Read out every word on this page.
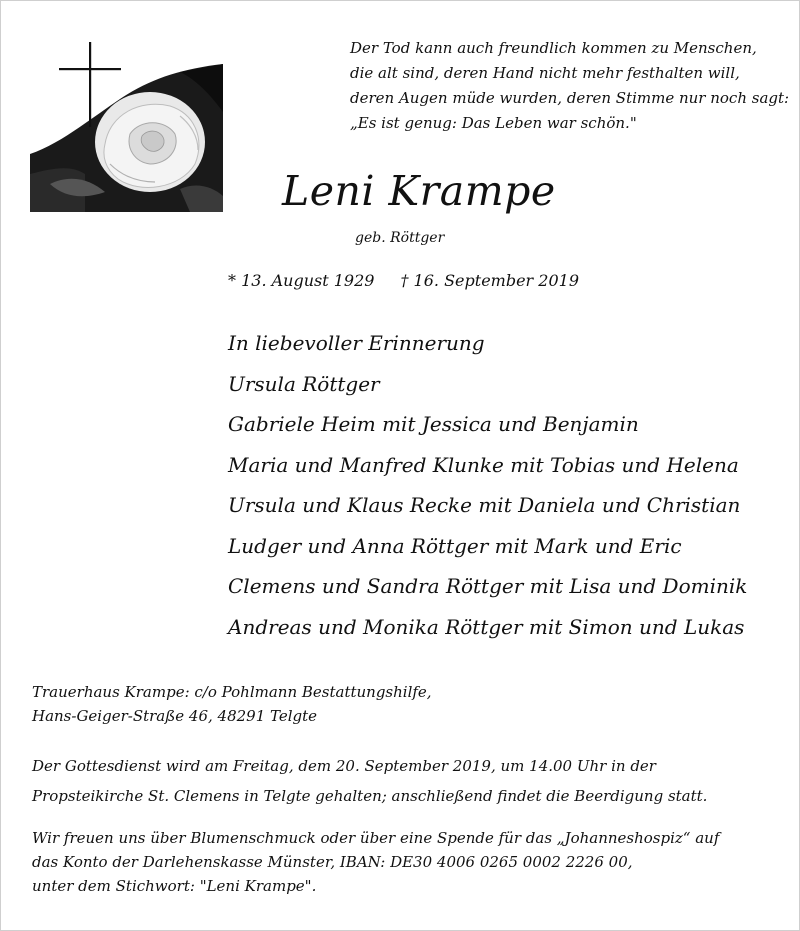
Der Tod kann auch freundlich kommen zu Menschen,
die alt sind, deren Hand nicht mehr festhalten will,
deren Augen müde wurden, deren Stimme nur noch sagt:
„Es ist genug: Das Leben war schön."
Leni Krampe
geb. Röttger
* 13. August 1929 † 16. September 2019
In liebevoller Erinnerung
Ursula Röttger
Gabriele Heim mit Jessica und Benjamin
Maria und Manfred Klunke mit Tobias und Helena
Ursula und Klaus Recke mit Daniela und Christian
Ludger und Anna Röttger mit Mark und Eric
Clemens und Sandra Röttger mit Lisa und Dominik
Andreas und Monika Röttger mit Simon und Lukas
Trauerhaus Krampe: c/o Pohlmann Bestattungshilfe,
Hans-Geiger-Straße 46, 48291 Telgte
Der Gottesdienst wird am Freitag, dem 20. September 2019, um 14.00 Uhr in der
Propsteikirche St. Clemens in Telgte gehalten; anschließend findet die Beerdigung statt.
Wir freuen uns über Blumenschmuck oder über eine Spende für das „Johanneshospiz“ auf
das Konto der Darlehenskasse Münster, IBAN: DE30 4006 0265 0002 2226 00,
unter dem Stichwort: "Leni Krampe".
